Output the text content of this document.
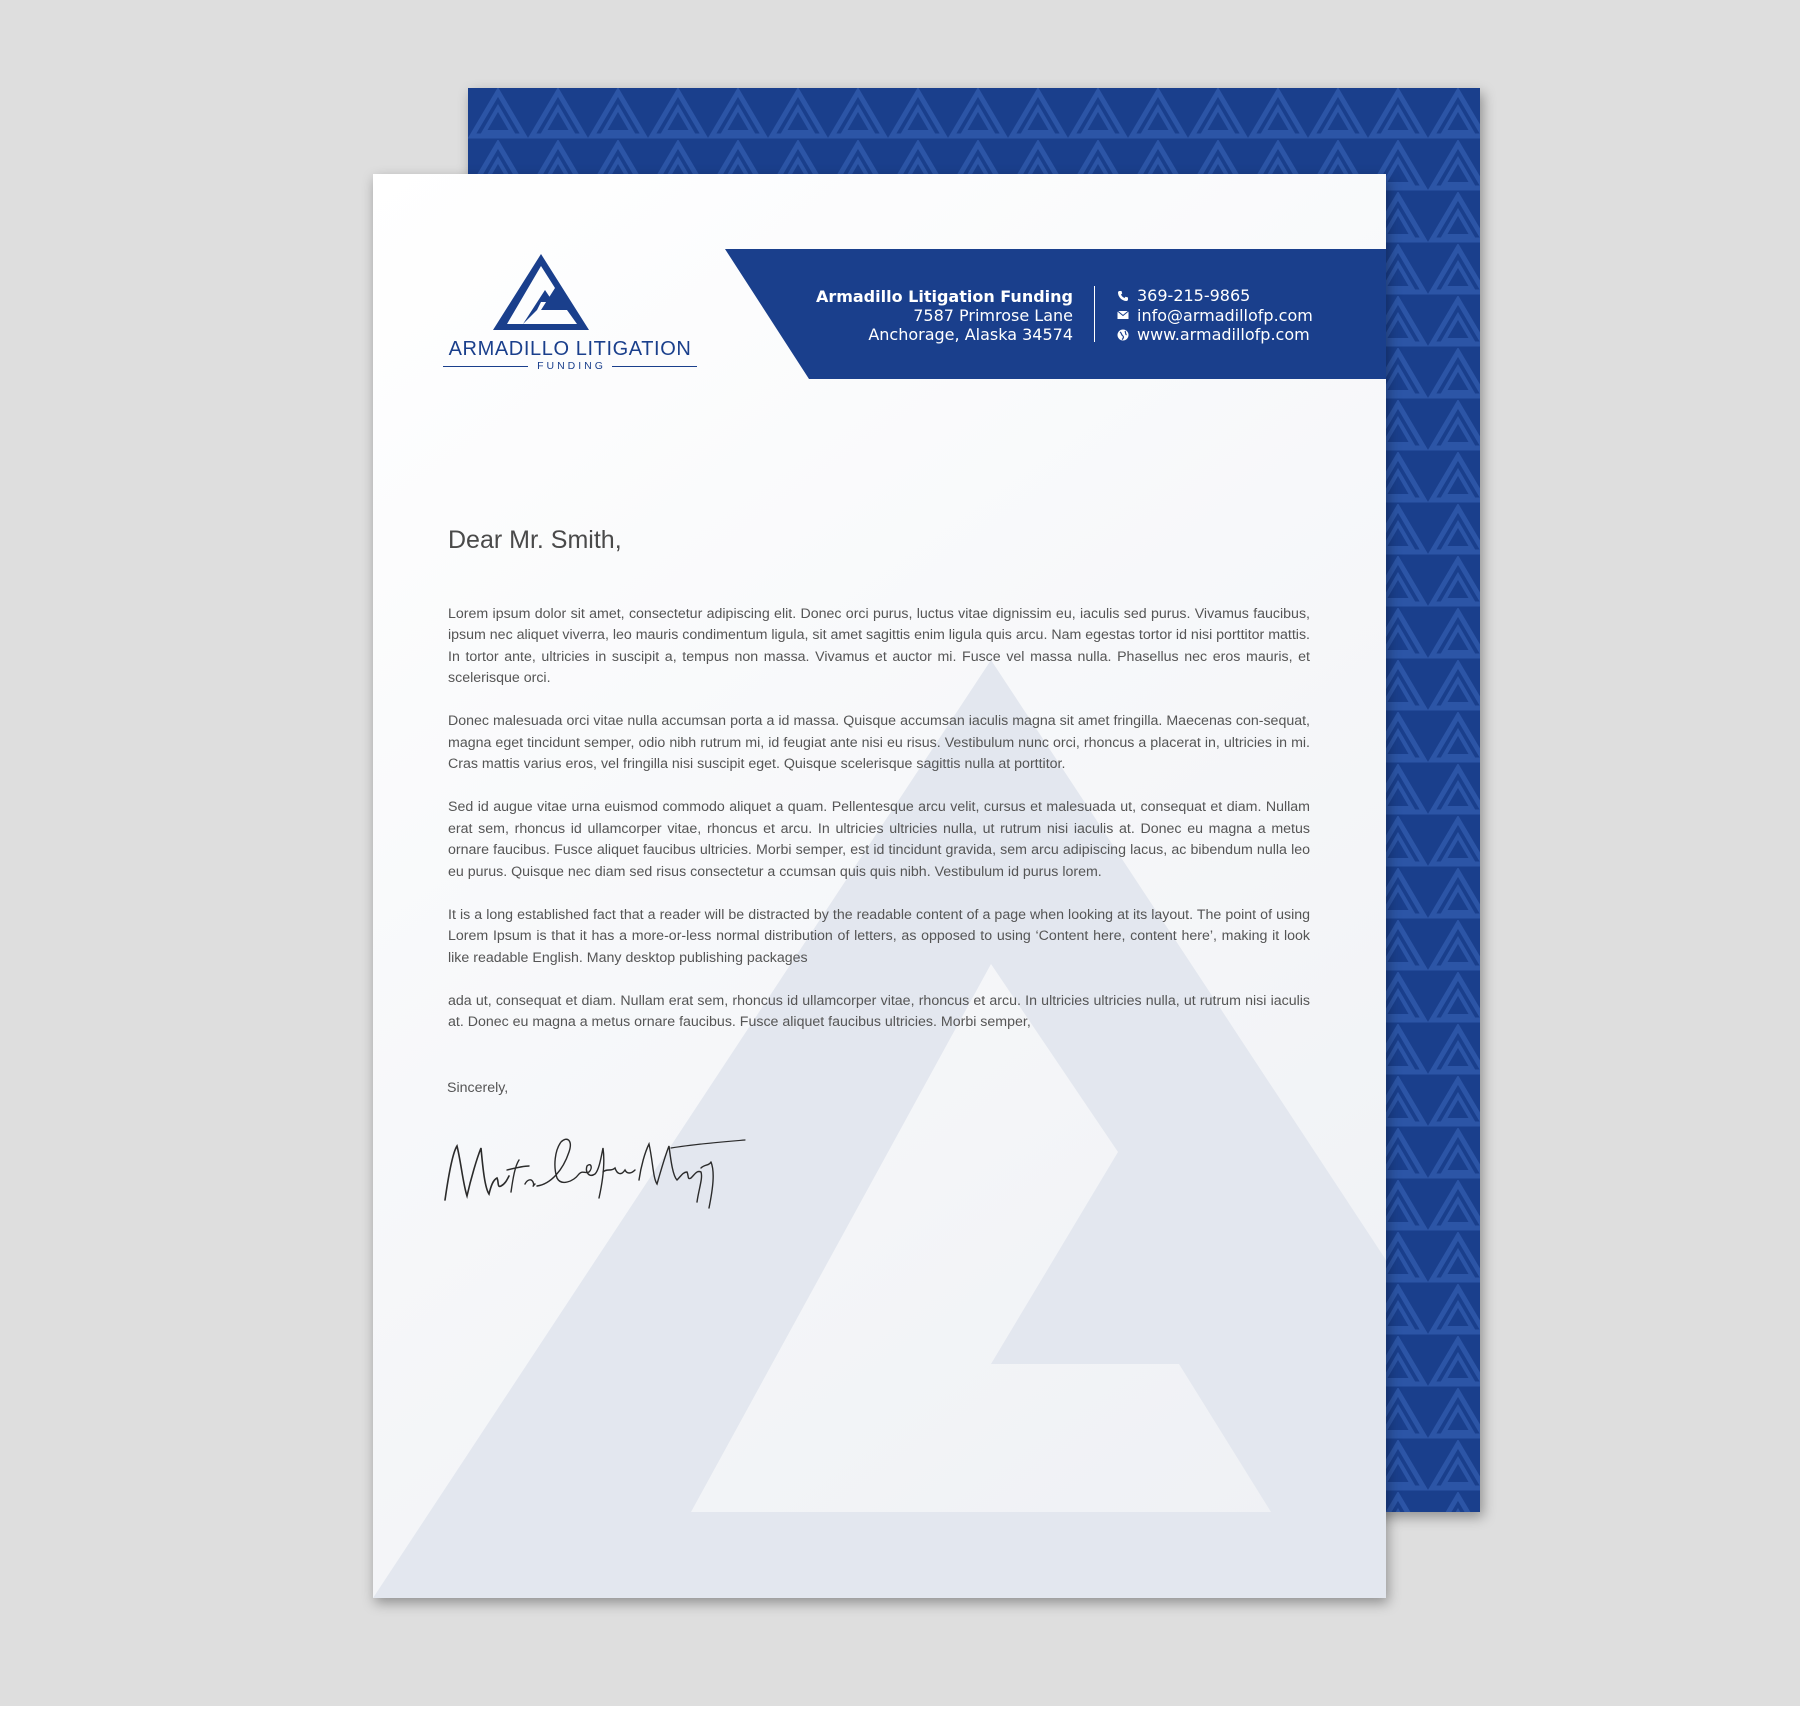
Armadillo Litigation Funding
7587 Primrose Lane
Anchorage, Alaska 34574
369-215-9865
info@armadillofp.com
www.armadillofp.com
ARMADILLO LITIGATION
FUNDING
Dear Mr. Smith,

Lorem ipsum dolor sit amet, consectetur adipiscing elit. Donec orci purus, luctus vitae dignissim eu, iaculis sed purus. Vivamus faucibus, ipsum nec aliquet viverra, leo mauris condimentum ligula, sit amet sagittis enim ligula quis arcu. Nam egestas tortor id nisi porttitor mattis. In tortor ante, ultricies in suscipit a, tempus non massa. Vivamus et auctor mi. Fusce vel massa nulla. Phasellus nec eros mauris, et scelerisque orci.

Donec malesuada orci vitae nulla accumsan porta a id massa. Quisque accumsan iaculis magna sit amet fringilla. Maecenas con-sequat, magna eget tincidunt semper, odio nibh rutrum mi, id feugiat ante nisi eu risus. Vestibulum nunc orci, rhoncus a placerat in, ultricies in mi. Cras mattis varius eros, vel fringilla nisi suscipit eget. Quisque scelerisque sagittis nulla at porttitor.

Sed id augue vitae urna euismod commodo aliquet a quam. Pellentesque arcu velit, cursus et malesuada ut, consequat et diam. Nullam erat sem, rhoncus id ullamcorper vitae, rhoncus et arcu. In ultricies ultricies nulla, ut rutrum nisi iaculis at. Donec eu magna a metus ornare faucibus. Fusce aliquet faucibus ultricies. Morbi semper, est id tincidunt gravida, sem arcu adipiscing lacus, ac bibendum nulla leo eu purus. Quisque nec diam sed risus consectetur a ccumsan quis quis nibh. Vestibulum id purus lorem.

It is a long established fact that a reader will be distracted by the readable content of a page when looking at its layout. The point of using Lorem Ipsum is that it has a more-or-less normal distribution of letters, as opposed to using ‘Content here, content here’, making it look like readable English. Many desktop publishing packages

ada ut, consequat et diam. Nullam erat sem, rhoncus id ullamcorper vitae, rhoncus et arcu. In ultricies ultricies nulla, ut rutrum nisi iaculis at. Donec eu magna a metus ornare faucibus. Fusce aliquet faucibus ultricies. Morbi semper,

Sincerely,
